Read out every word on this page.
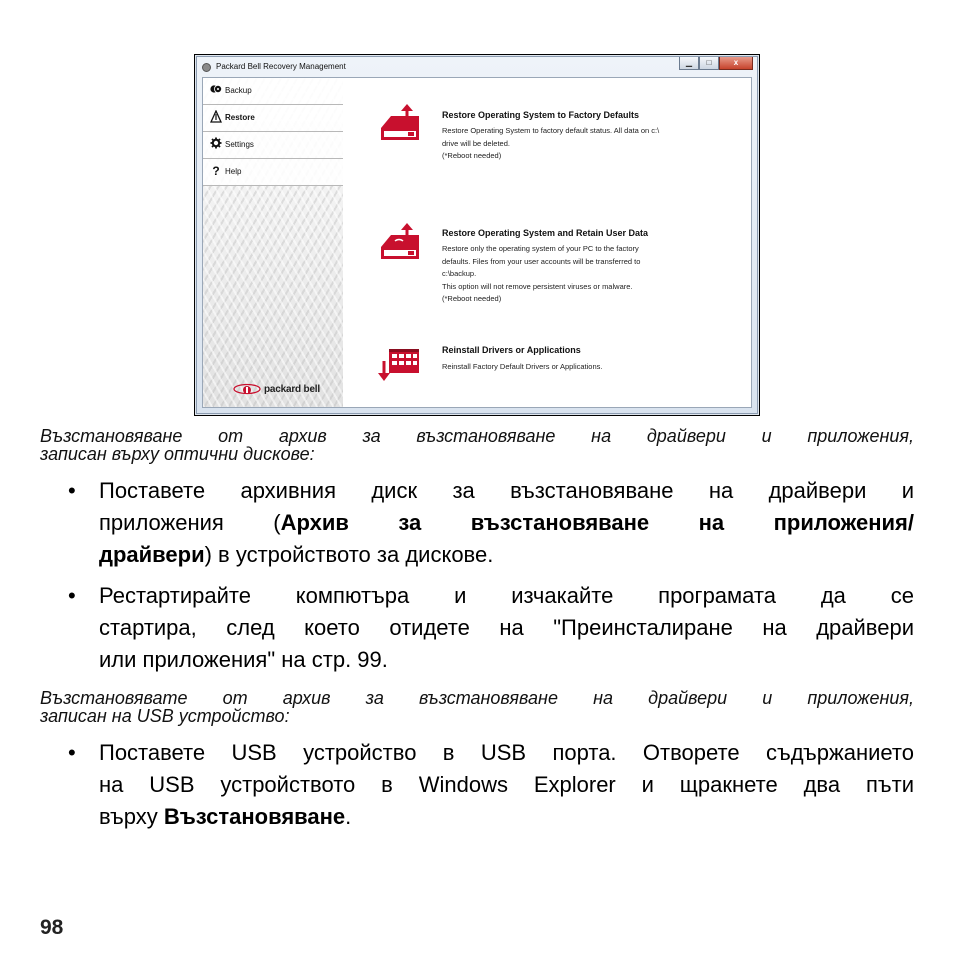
Packard Bell Recovery Management	▁	□	x
Backup
Restore
Settings
? Help
packard bell
Restore Operating System to Factory Defaults
Restore Operating System to factory default status. All data on c:\
drive will be deleted.
(*Reboot needed)
Restore Operating System and Retain User Data
Restore only the operating system of your PC to the factory
defaults. Files from your user accounts will be transferred to
c:\backup.
This option will not remove persistent viruses or malware.
(*Reboot needed)
Reinstall Drivers or Applications
Reinstall Factory Default Drivers or Applications.
Възстановяване от архив за възстановяване на драйвери и приложения,
записан върху оптични дискове:
•	Поставете архивния диск за възстановяване на драйвери и
приложения (Архив за възстановяване на приложения/
драйвери) в устройството за дискове.
•	Рестартирайте компютъра и изчакайте програмата да се
стартира, след което отидете на "Преинсталиране на драйвери
или приложения" на стр. 99.
Възстановявате от архив за възстановяване на драйвери и приложения,
записан на USB устройство:
•	Поставете USB устройство в USB порта. Отворете съдържанието
на USB устройството в Windows Explorer и щракнете два пъти
върху Възстановяване.
98
